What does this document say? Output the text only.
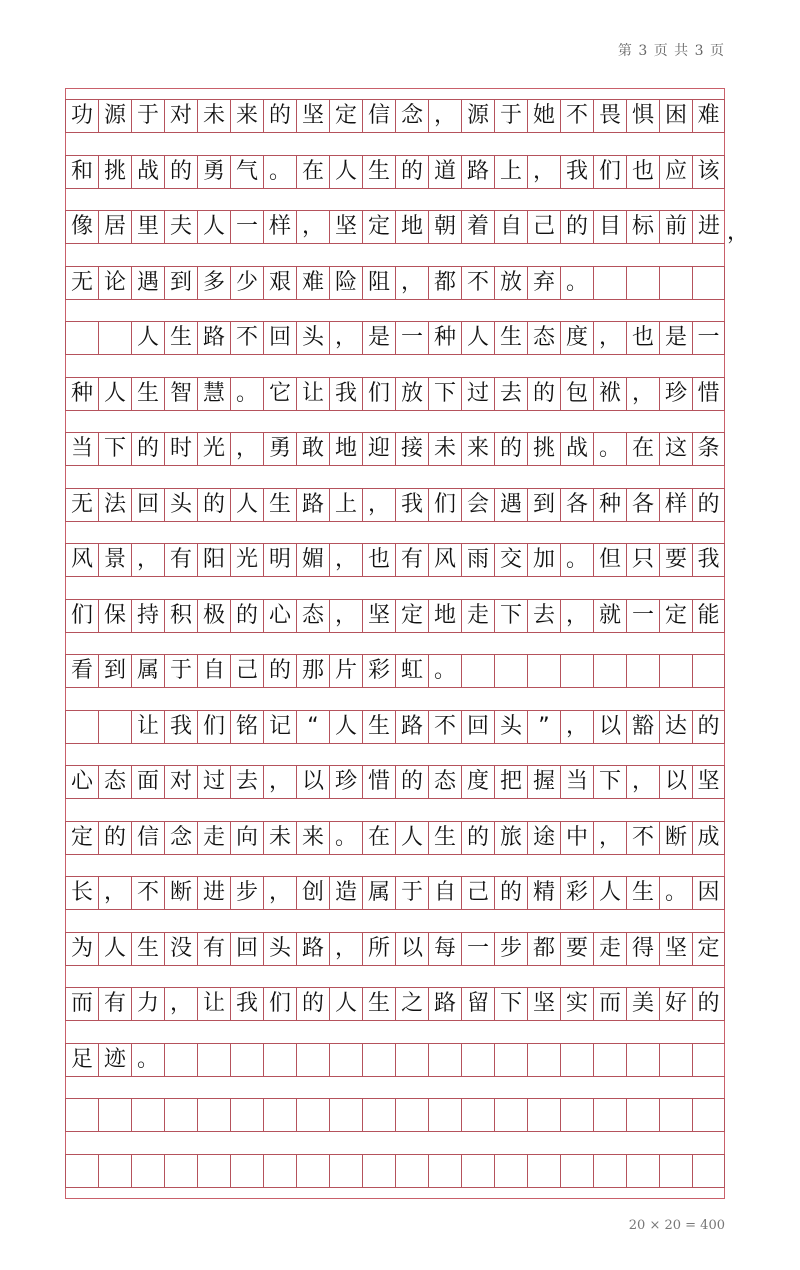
第 3 页 共 3 页
功 源 于 对 未 来 的 坚 定 信 念 ， 源 于 她 不 畏 惧 困 难
和 挑 战 的 勇 气 。 在 人 生 的 道 路 上 ， 我 们 也 应 该
像 居 里 夫 人 一 样 ， 坚 定 地 朝 着 自 己 的 目 标 前 进 ，
无 论 遇 到 多 少 艰 难 险 阻 ， 都 不 放 弃 。
人 生 路 不 回 头 ， 是 一 种 人 生 态 度 ， 也 是 一
种 人 生 智 慧 。 它 让 我 们 放 下 过 去 的 包 袱 ， 珍 惜
当 下 的 时 光 ， 勇 敢 地 迎 接 未 来 的 挑 战 。 在 这 条
无 法 回 头 的 人 生 路 上 ， 我 们 会 遇 到 各 种 各 样 的
风 景 ， 有 阳 光 明 媚 ， 也 有 风 雨 交 加 。 但 只 要 我
们 保 持 积 极 的 心 态 ， 坚 定 地 走 下 去 ， 就 一 定 能
看 到 属 于 自 己 的 那 片 彩 虹 。
让 我 们 铭 记 “ 人 生 路 不 回 头 ” ， 以 豁 达 的
心 态 面 对 过 去 ， 以 珍 惜 的 态 度 把 握 当 下 ， 以 坚
定 的 信 念 走 向 未 来 。 在 人 生 的 旅 途 中 ， 不 断 成
长 ， 不 断 进 步 ， 创 造 属 于 自 己 的 精 彩 人 生 。 因
为 人 生 没 有 回 头 路 ， 所 以 每 一 步 都 要 走 得 坚 定
而 有 力 ， 让 我 们 的 人 生 之 路 留 下 坚 实 而 美 好 的
足迹。
20 × 20 = 400
